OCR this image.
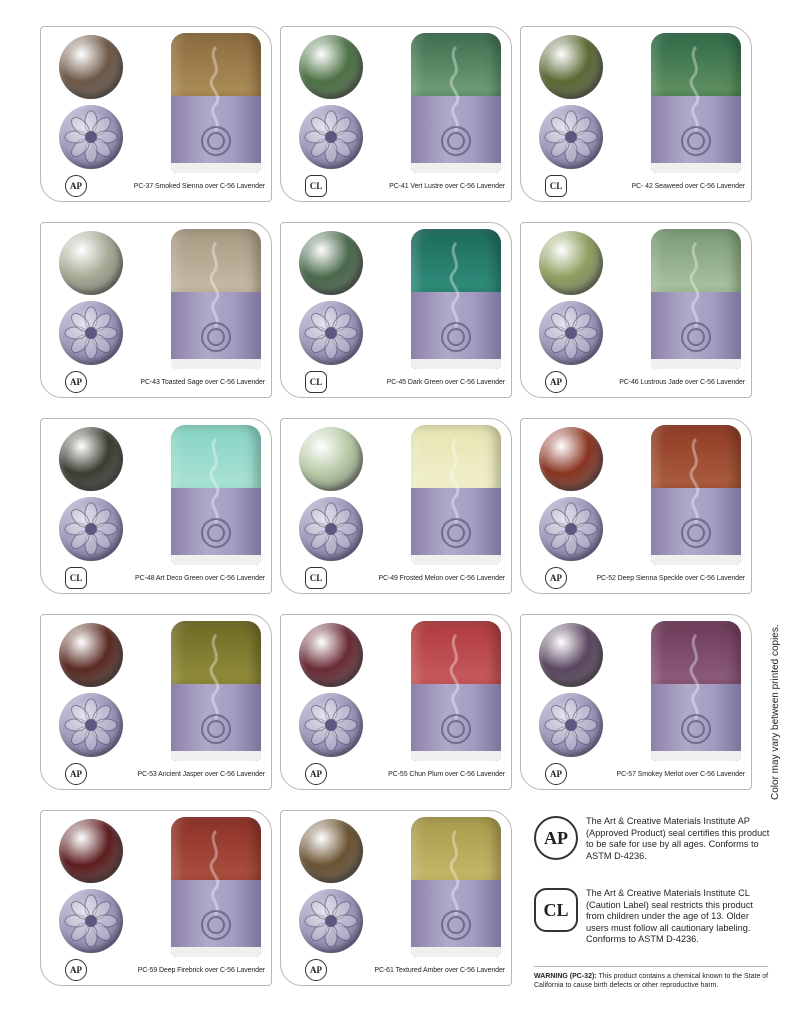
AP	PC-37 Smoked Sienna over C-56 Lavender	CL	PC-41 Vert Lustre over C-56 Lavender	CL	PC- 42 Seaweed over C-56 Lavender
AP	PC-43 Toasted Sage over C-56 Lavender	CL	PC-45 Dark Green over C-56 Lavender	AP	PC-46 Lustrous Jade over C-56 Lavender
CL	PC-48 Art Deco Green over C-56 Lavender	CL	PC-49 Frosted Melon over C-56 Lavender	AP	PC-52 Deep Sienna Speckle over C-56 Lavender
AP	PC-53 Ancient Jasper over C-56 Lavender	AP	PC-55 Chun Plum over C-56 Lavender	AP	PC-57 Smokey Merlot over C-56 Lavender
AP	PC-59 Deep Firebrick over C-56 Lavender	AP	PC-61 Textured Amber over C-56 Lavender
Color may vary between printed copies.
AP
The Art & Creative Materials Institute AP (Approved Product) seal certifies this product to be safe for use by all ages. Conforms to ASTM D-4236.
CL
The Art & Creative Materials Institute CL (Caution Label) seal restricts this product from children under the age of 13. Older users must follow all cautionary labeling. Conforms to ASTM D-4236.
WARNING (PC-32): This product contains a chemical known to the State of California to cause birth defects or other reproductive harm.
